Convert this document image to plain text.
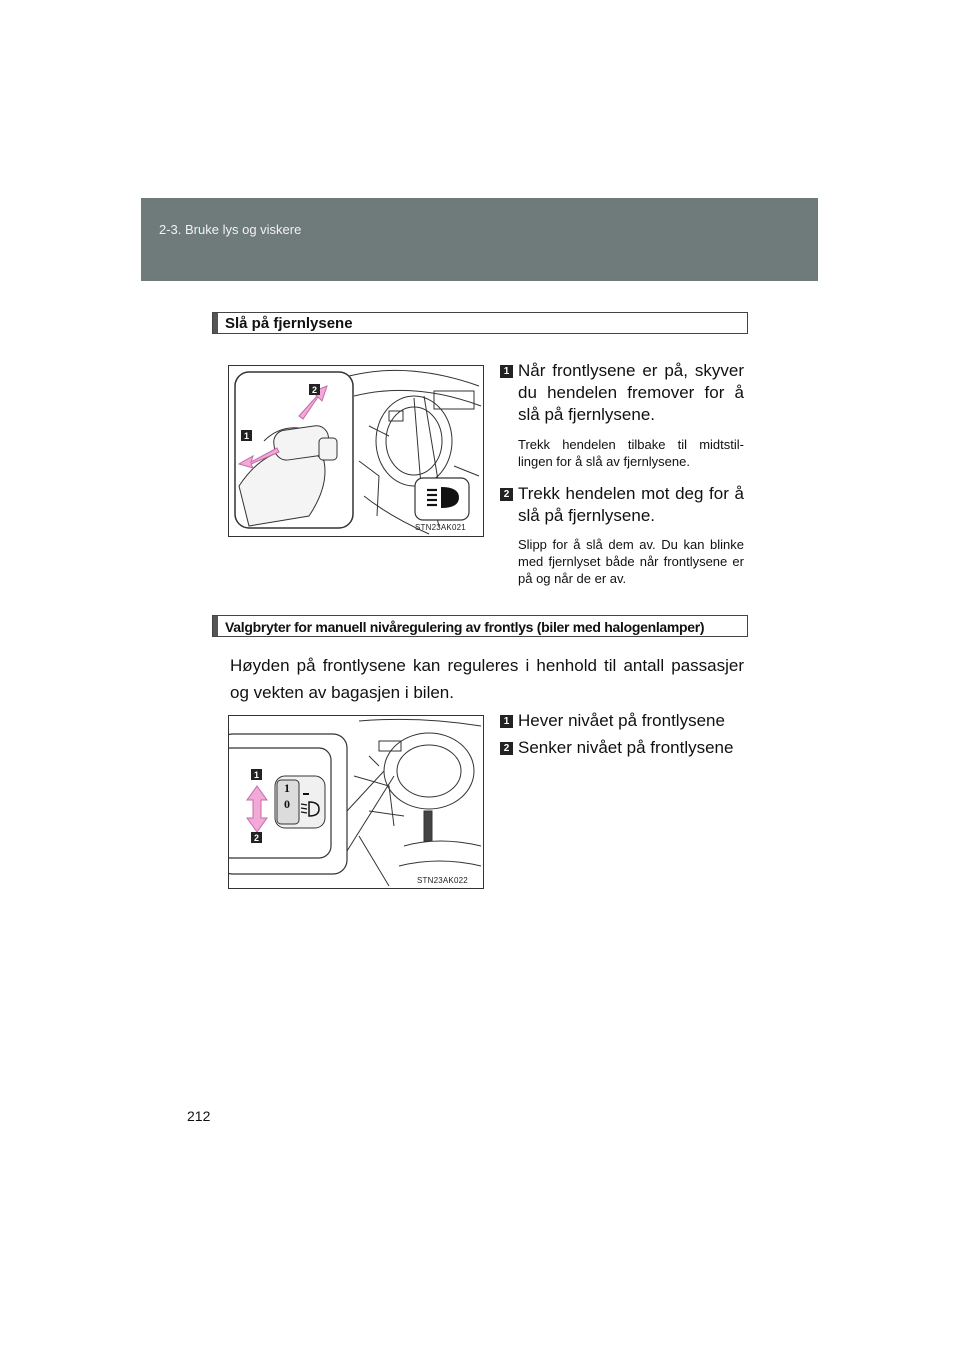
2-3. Bruke lys og viskere
Slå på fjernlysene
2
1
STN23AK021
1 Når frontlysene er på, skyver du hendelen fremover for å slå på fjernlysene.
Trekk hendelen tilbake til midtstil-lingen for å slå av fjernlysene.
2 Trekk hendelen mot deg for å slå på fjernlysene.
Slipp for å slå dem av. Du kan blinke med fjernlyset både når frontlysene er på og når de er av.
Valgbryter for manuell nivåregulering av frontlys (biler med halogenlamper)
Høyden på frontlysene kan reguleres i henhold til antall passasjer og vekten av bagasjen i bilen.
1
0
1
2
STN23AK022
1 Hever nivået på frontlysene
2 Senker nivået på frontlysene
212
